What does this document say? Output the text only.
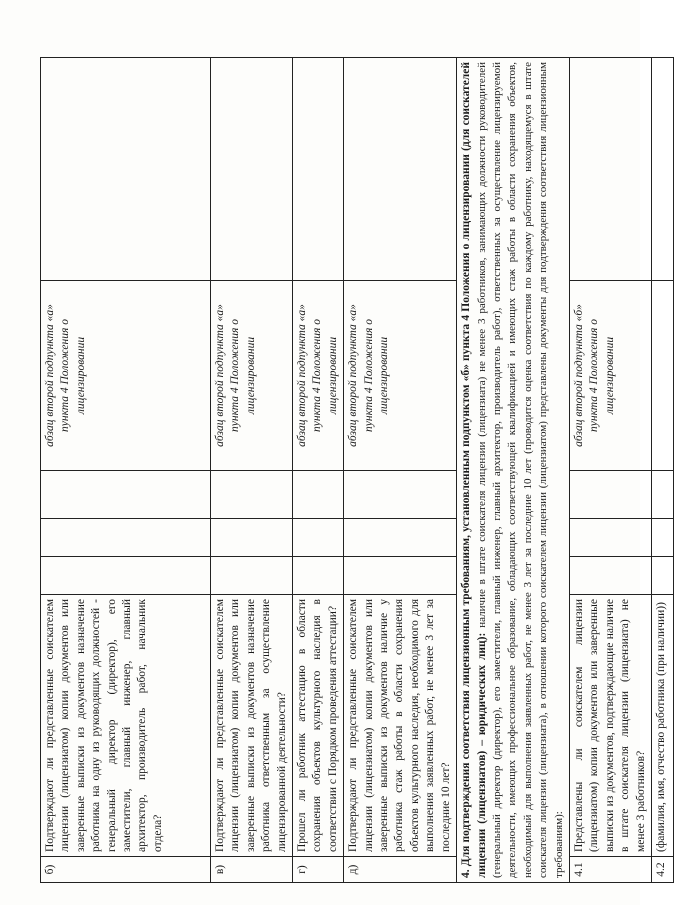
б)	Подтверждают ли представленные соискателем лицензии (лицензиатом) копии документов или заверенные выписки из документов назначение работника на одну из руководящих должностей - генеральный директор (директор), его заместители, главный инженер, главный архитектор, производитель работ, начальник отдела?				абзац второй подпункта «а» пункта 4 Положения о лицензировании	
в)	Подтверждают ли представленные соискателем лицензии (лицензиатом) копии документов или заверенные выписки из документов назначение работника ответственным за осуществление лицензированной деятельности?				абзац второй подпункта «а» пункта 4 Положения о лицензировании	
г)	Прошел ли работник аттестацию в области сохранения объектов культурного наследия в соответствии с Порядком проведения аттестации?				абзац второй подпункта «а» пункта 4 Положения о лицензировании	
д)	Подтверждают ли представленные соискателем лицензии (лицензиатом) копии документов или заверенные выписки из документов наличие у работника стаж работы в области сохранения объектов культурного наследия, необходимого для выполнения заявленных работ, не менее 3 лет за последние 10 лет?				абзац второй подпункта «а» пункта 4 Положения о лицензировании	
4. Для подтверждения соответствия лицензионным требованиям, установленным подпунктом «б» пункта 4 Положения о лицензировании (для соискателей лицензии (лицензиатов) – юридических лиц): наличие в штате соискателя лицензии (лицензиата) не менее 3 работников, занимающих должности руководителей (генеральный директор (директор), его заместители, главный инженер, главный архитектор, производитель работ), ответственных за осуществление лицензируемой деятельности, имеющих профессиональное образование, обладающих соответствующей квалификацией и имеющих стаж работы в области сохранения объектов, необходимый для выполнения заявленных работ, не менее 3 лет за последние 10 лет (проводится оценка соответствия по каждому работнику, находящемуся в штате соискателя лицензии (лицензиата), в отношении которого соискателем лицензии (лицензиатом) представлены документы для подтверждения соответствия лицензионным требованиям):						
4.1	Представлены ли соискателем лицензии (лицензиатом) копии документов или заверенные выписки из документов, подтверждающие наличие в штате соискателя лицензии (лицензиата) не менее 3 работников?				абзац второй подпункта «б» пункта 4 Положения о лицензировании	
4.2	(фамилия, имя, отчество работника (при наличии))					
